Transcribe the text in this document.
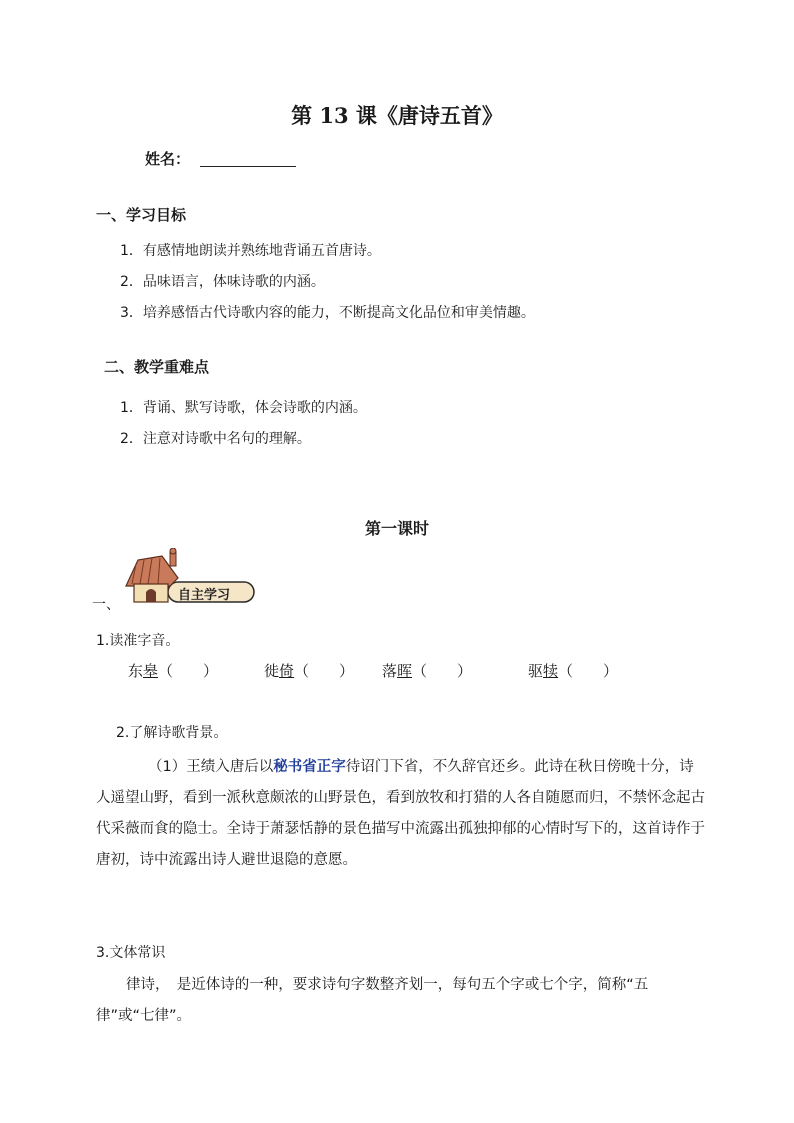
第 13 课《唐诗五首》
姓名：
一、学习目标
1．有感情地朗读并熟练地背诵五首唐诗。
2．品味语言，体味诗歌的内涵。
3．培养感悟古代诗歌内容的能力，不断提高文化品位和审美情趣。
二、教学重难点
1．背诵、默写诗歌，体会诗歌的内涵。
2．注意对诗歌中名句的理解。
第一课时
一、
自主学习
1.读准字音。
东皋（　　）	徙倚（　　） 落晖（　　）	驱犊（　　）
2.了解诗歌背景。
（1）王绩入唐后以秘书省正字待诏门下省，不久辞官还乡。此诗在秋日傍晚十分，诗人遥望山野，看到一派秋意颇浓的山野景色，看到放牧和打猎的人各自随愿而归，不禁怀念起古代采薇而食的隐士。全诗于萧瑟恬静的景色描写中流露出孤独抑郁的心情时写下的，这首诗作于唐初，诗中流露出诗人避世退隐的意愿。
3.文体常识
律诗，　是近体诗的一种，要求诗句字数整齐划一，每句五个字或七个字，简称“五律”或“七律”。
